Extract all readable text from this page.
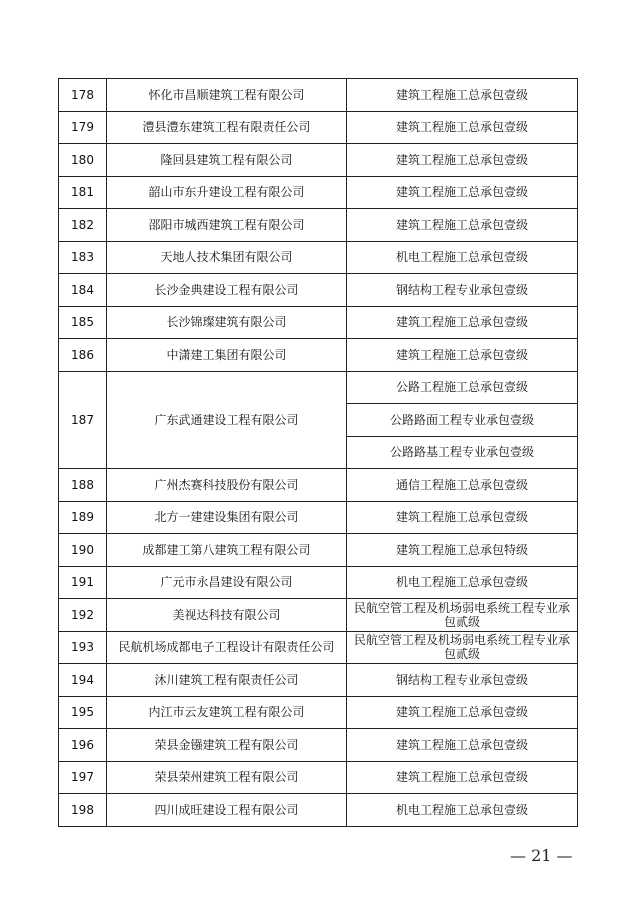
178	怀化市昌顺建筑工程有限公司	建筑工程施工总承包壹级
179	澧县澧东建筑工程有限责任公司	建筑工程施工总承包壹级
180	隆回县建筑工程有限公司	建筑工程施工总承包壹级
181	韶山市东升建设工程有限公司	建筑工程施工总承包壹级
182	邵阳市城西建筑工程有限公司	建筑工程施工总承包壹级
183	天地人技术集团有限公司	机电工程施工总承包壹级
184	长沙金典建设工程有限公司	钢结构工程专业承包壹级
185	长沙锦璨建筑有限公司	建筑工程施工总承包壹级
186	中潇建工集团有限公司	建筑工程施工总承包壹级
187	广东武通建设工程有限公司	公路工程施工总承包壹级
		公路路面工程专业承包壹级
		公路路基工程专业承包壹级
188	广州杰赛科技股份有限公司	通信工程施工总承包壹级
189	北方一建建设集团有限公司	建筑工程施工总承包壹级
190	成都建工第八建筑工程有限公司	建筑工程施工总承包特级
191	广元市永昌建设有限公司	机电工程施工总承包壹级
192	美视达科技有限公司	民航空管工程及机场弱电系统工程专业承包贰级
193	民航机场成都电子工程设计有限责任公司	民航空管工程及机场弱电系统工程专业承包贰级
194	沐川建筑工程有限责任公司	钢结构工程专业承包壹级
195	内江市云友建筑工程有限公司	建筑工程施工总承包壹级
196	荣县金镪建筑工程有限公司	建筑工程施工总承包壹级
197	荣县荣州建筑工程有限公司	建筑工程施工总承包壹级
198	四川成旺建设工程有限公司	机电工程施工总承包壹级
— 21 —
